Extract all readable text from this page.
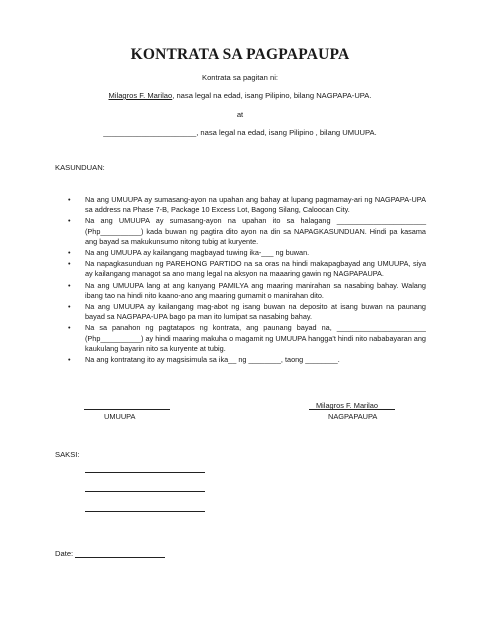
KONTRATA SA PAGPAPAUPA
Kontrata sa pagitan ni:
Milagros F. Marilao, nasa legal na edad, isang Pilipino, bilang NAGPAPA-UPA.
at
______________________, nasa legal na edad, isang Pilipino , bilang UMUUPA.
KASUNDUAN:
• Na ang UMUUPA ay sumasang-ayon na upahan ang bahay at lupang pagmamay-ari ng NAGPAPA-UPA sa address na Phase 7-B, Package 10 Excess Lot, Bagong Silang, Caloocan City.
• Na ang UMUUPA ay sumasang-ayon na upahan ito sa halagang ______________________ (Php__________) kada buwan ng pagtira dito ayon na din sa NAPAGKASUNDUAN. Hindi pa kasama ang bayad sa makukunsumo nitong tubig at kuryente.
• Na ang UMUUPA ay kailangang magbayad tuwing ika-___ ng buwan.
• Na napagkasunduan ng PAREHONG PARTIDO na sa oras na hindi makapagbayad ang UMUUPA, siya ay kailangang managot sa ano mang legal na aksyon na maaaring gawin ng NAGPAPAUPA.
• Na ang UMUUPA lang at ang kanyang PAMILYA ang maaring manirahan sa nasabing bahay. Walang ibang tao na hindi nito kaano-ano ang maaring gumamit o manirahan dito.
• Na ang UMUUPA ay kailangang mag-abot ng isang buwan na deposito at isang buwan na paunang bayad sa NAGPAPA-UPA bago pa man ito lumipat sa nasabing bahay.
• Na sa panahon ng pagtatapos ng kontrata, ang paunang bayad na, ______________________ (Php__________) ay hindi maaring makuha o magamit ng UMUUPA hangga't hindi nito nababayaran ang kaukulang bayarin nito sa kuryente at tubig.
• Na ang kontratang ito ay magsisimula sa ika__ ng ________, taong ________.
UMUUPA
Milagros F. Marilao
NAGPAPAUPA
SAKSI:
Date:
